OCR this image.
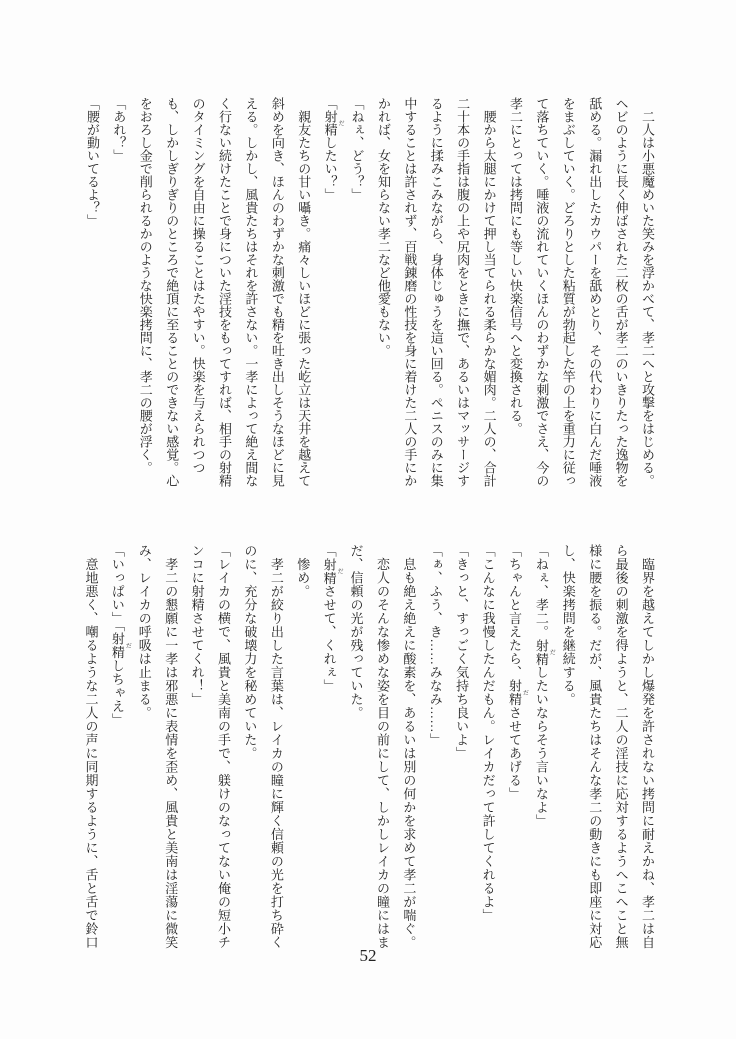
　二人は小悪魔めいた笑みを浮かべて、孝二へと攻撃をはじめる。

ヘビのように長く伸ばされた二枚の舌が孝二のいきりたった逸物を

舐める。漏れ出したカウパーを舐めとり、その代わりに白んだ唾液

をまぶしていく。どろりとした粘質が勃起した竿の上を重力に従っ

て落ちていく。唾液の流れていくほんのわずかな刺激でさえ、今の

孝二にとっては拷問にも等しい快楽信号へと変換される。

　腰から太腿にかけて押し当てられる柔らかな媚肉。二人の、合計

二十本の手指は腹の上や尻肉をときに撫で、あるいはマッサージす

るように揉みこみながら、身体じゅうを這い回る。ペニスのみに集

中することは許されず、百戦錬磨の性技を身に着けた二人の手にか

かれば、女を知らない孝二など他愛もない。

「ねぇ、どう？」

「射精 だしたい？」

　親友たちの甘い囁き。痛々しいほどに張った屹立は天井を越えて

斜めを向き、ほんのわずかな刺激でも精を吐き出しそうなほどに見

える。しかし、風貴たちはそれを許さない。一孝によって絶え間な

く行ない続けたことで身についた淫技をもってすれば、相手の射精

のタイミングを自由に操ることはたやすい。快楽を与えられつつ

も、しかしぎりぎりのところで絶頂に至ることのできない感覚。心

をおろし金で削られるかのような快楽拷問に、孝二の腰が浮く。

「あれ？」

「腰が動いてるよ？」

　臨界を越えてしかし爆発を許されない拷問に耐えかね、孝二は自

ら最後の刺激を得ようと、二人の淫技に応対するようへこへこと無

様に腰を振る。だが、風貴たちはそんな孝二の動きにも即座に対応

し、快楽拷問を継続する。

「ねぇ、孝二。射精 だしたいならそう言いなよ」

「ちゃんと言えたら、射精 ださせてあげる」

「こんなに我慢したんだもん。レイカだって許してくれるよ」

「きっと、すっごく気持ち良いよ」

「ぁ、ふう、き……みなみ……」

　息も絶え絶えに酸素を、あるいは別の何かを求めて孝二が喘ぐ。

　恋人のそんな惨めな姿を目の前にして、しかしレイカの瞳にはま

だ、信頼の光が残っていた。

「射精 ださせて、くれぇ」

　惨め。

　孝二が絞り出した言葉は、レイカの瞳に輝く信頼の光を打ち砕く

のに、充分な破壊力を秘めていた。

「レイカの横で、風貴と美南の手で、躾けのなってない俺の短小チ

ンコに射精させてくれ！」

　孝二の懇願に一孝は邪悪に表情を歪め、風貴と美南は淫蕩に微笑

み、レイカの呼吸は止まる。

「いっぱい」「射精 だしちゃえ」

　意地悪く、嘲るような二人の声に同期するように、舌と舌で鈴口

52
